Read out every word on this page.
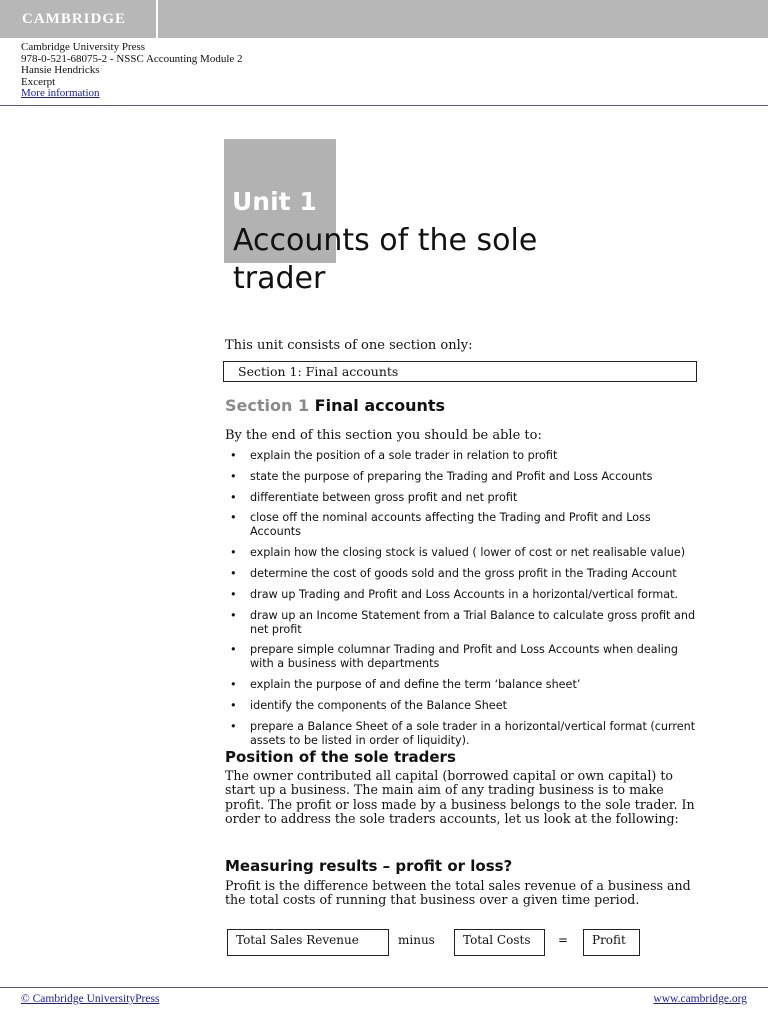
CAMBRIDGE
Cambridge University Press
978-0-521-68075-2 - NSSC Accounting Module 2
Hansie Hendricks
Excerpt
More information
Unit 1
Accounts of the sole
trader
This unit consists of one section only:
Section 1: Final accounts
Section 1 Final accounts
By the end of this section you should be able to:
• explain the position of a sole trader in relation to profit
• state the purpose of preparing the Trading and Profit and Loss Accounts
• differentiate between gross profit and net profit
• close off the nominal accounts affecting the Trading and Profit and Loss Accounts
• explain how the closing stock is valued ( lower of cost or net realisable value)
• determine the cost of goods sold and the gross profit in the Trading Account
• draw up Trading and Profit and Loss Accounts in a horizontal/vertical format.
• draw up an Income Statement from a Trial Balance to calculate gross profit and net profit
• prepare simple columnar Trading and Profit and Loss Accounts when dealing with a business with departments
• explain the purpose of and define the term ‘balance sheet’
• identify the components of the Balance Sheet
• prepare a Balance Sheet of a sole trader in a horizontal/vertical format (current assets to be listed in order of liquidity).
Position of the sole traders
The owner contributed all capital (borrowed capital or own capital) to start up a business. The main aim of any trading business is to make profit. The profit or loss made by a business belongs to the sole trader. In order to address the sole traders accounts, let us look at the following:
Measuring results – profit or loss?
Profit is the difference between the total sales revenue of a business and the total costs of running that business over a given time period.
Total Sales Revenue	minus	Total Costs	=	Profit
© Cambridge UniversityPress	www.cambridge.org
